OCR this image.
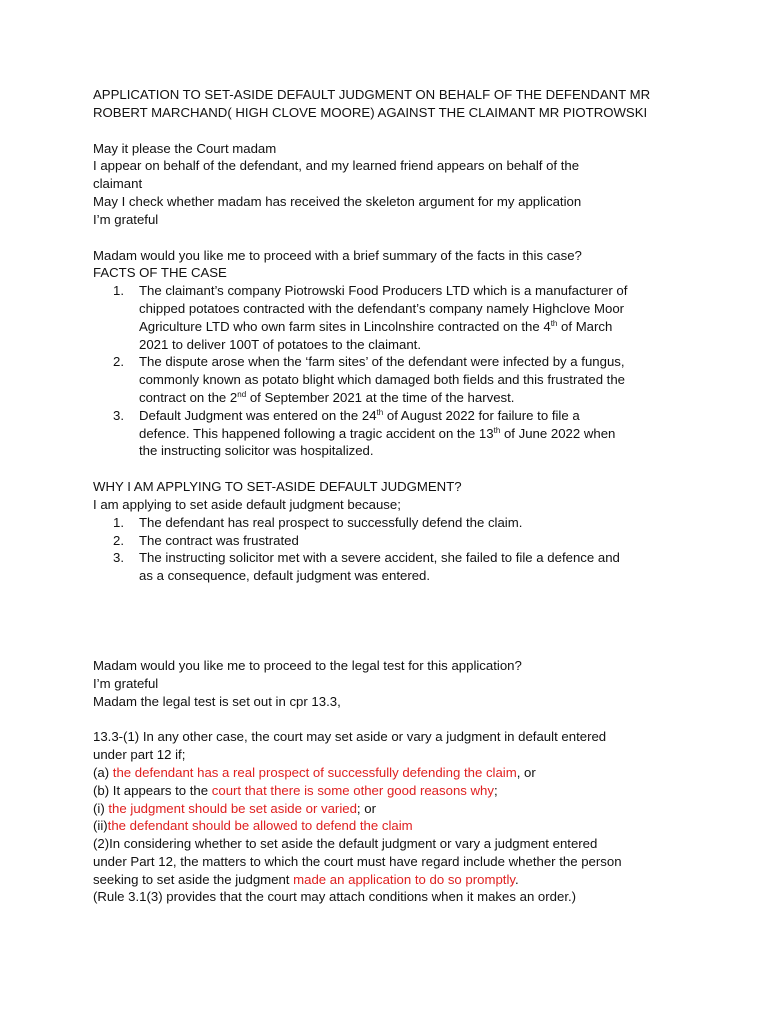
APPLICATION TO SET-ASIDE DEFAULT JUDGMENT ON BEHALF OF THE DEFENDANT MR

ROBERT MARCHAND( HIGH CLOVE MOORE) AGAINST THE CLAIMANT MR PIOTROWSKI

May it please the Court madam

I appear on behalf of the defendant, and my learned friend appears on behalf of the

claimant

May I check whether madam has received the skeleton argument for my application

I’m grateful

Madam would you like me to proceed with a brief summary of the facts in this case?

FACTS OF THE CASE

1. The claimant’s company Piotrowski Food Producers LTD which is a manufacturer of

chipped potatoes contracted with the defendant’s company namely Highclove Moor

Agriculture LTD who own farm sites in Lincolnshire contracted on the 4th of March

2021 to deliver 100T of potatoes to the claimant.

2. The dispute arose when the ‘farm sites’ of the defendant were infected by a fungus,

commonly known as potato blight which damaged both fields and this frustrated the

contract on the 2nd of September 2021 at the time of the harvest.

3. Default Judgment was entered on the 24th of August 2022 for failure to file a

defence. This happened following a tragic accident on the 13th of June 2022 when

the instructing solicitor was hospitalized.

WHY I AM APPLYING TO SET-ASIDE DEFAULT JUDGMENT?

I am applying to set aside default judgment because;

1. The defendant has real prospect to successfully defend the claim.

2. The contract was frustrated

3. The instructing solicitor met with a severe accident, she failed to file a defence and

as a consequence, default judgment was entered.

Madam would you like me to proceed to the legal test for this application?

I’m grateful

Madam the legal test is set out in cpr 13.3,

13.3-(1) In any other case, the court may set aside or vary a judgment in default entered

under part 12 if;

(a) the defendant has a real prospect of successfully defending the claim, or

(b) It appears to the court that there is some other good reasons why;

(i) the judgment should be set aside or varied; or

(ii)the defendant should be allowed to defend the claim

(2)In considering whether to set aside the default judgment or vary a judgment entered

under Part 12, the matters to which the court must have regard include whether the person

seeking to set aside the judgment made an application to do so promptly.

(Rule 3.1(3) provides that the court may attach conditions when it makes an order.)
